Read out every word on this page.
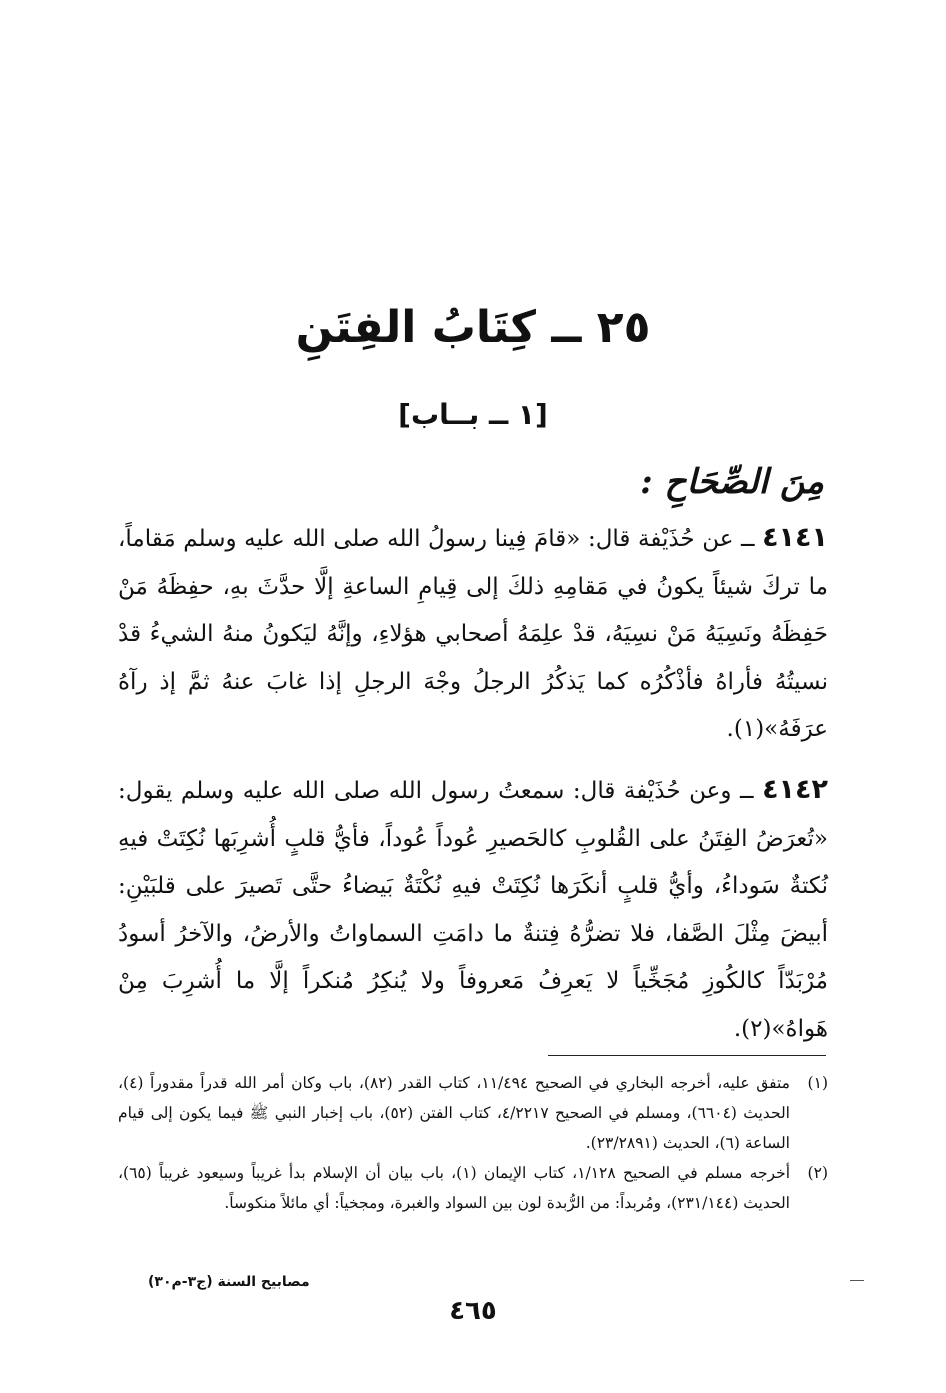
٢٥ ــ كِتَابُ الفِتَنِ
[١ ــ بــاب]
مِنَ الصِّحَاحِ :
٤١٤١ ــ عن حُذَيْفة قال: «قامَ فِينا رسولُ الله صلى الله عليه وسلم مَقاماً، ما تركَ شيئاً يكونُ في مَقامِهِ ذلكَ إلى قِيامِ الساعةِ إلَّا حدَّثَ بهِ، حفِظَهُ مَنْ حَفِظَهُ ونَسِيَهُ مَنْ نسِيَهُ، قدْ علِمَهُ أصحابي هؤلاءِ، وإنَّهُ ليَكونُ منهُ الشيءُ قدْ نسيتُهُ فأراهُ فأذْكُرُه كما يَذكُرُ الرجلُ وجْهَ الرجلِ إذا غابَ عنهُ ثمَّ إذ رآهُ عرَفَهُ»(١).
٤١٤٢ ــ وعن حُذَيْفة قال: سمعتُ رسول الله صلى الله عليه وسلم يقول: «تُعرَضُ الفِتَنُ على القُلوبِ كالحَصيرِ عُوداً عُوداً، فأيُّ قلبٍ أُشرِبَها نُكِتَتْ فيهِ نُكتةٌ سَوداءُ، وأيُّ قلبٍ أنكَرَها نُكِتَتْ فيهِ نُكْتَةٌ بَيضاءُ حتَّى تَصيرَ على قلبَيْنِ: أبيضَ مِثْلَ الصَّفا، فلا تضرُّهُ فِتنةٌ ما دامَتِ السماواتُ والأرضُ، والآخرُ أسودُ مُرْبَدّاً كالكُوزِ مُجَخِّياً لا يَعرِفُ مَعروفاً ولا يُنكِرُ مُنكراً إلَّا ما أُشرِبَ مِنْ هَواهُ»(٢).

(١)
متفق عليه، أخرجه البخاري في الصحيح ١١/٤٩٤، كتاب القدر (٨٢)، باب وكان أمر الله قدراً مقدوراً (٤)، الحديث (٦٦٠٤)، ومسلم في الصحيح ٤/٢٢١٧، كتاب الفتن (٥٢)، باب إخبار النبي ﷺ فيما يكون إلى قيام الساعة (٦)، الحديث (٢٣/٢٨٩١).

(٢)
أخرجه مسلم في الصحيح ١/١٢٨، كتاب الإيمان (١)، باب بيان أن الإسلام بدأ غريباً وسيعود غريباً (٦٥)، الحديث (٢٣١/١٤٤)، ومُربداً: من الرُّبدة لون بين السواد والغبرة، ومجخياً: أي مائلاً منكوساً.

مصابيح السنة (ج٣-م٣٠)
٤٦٥
